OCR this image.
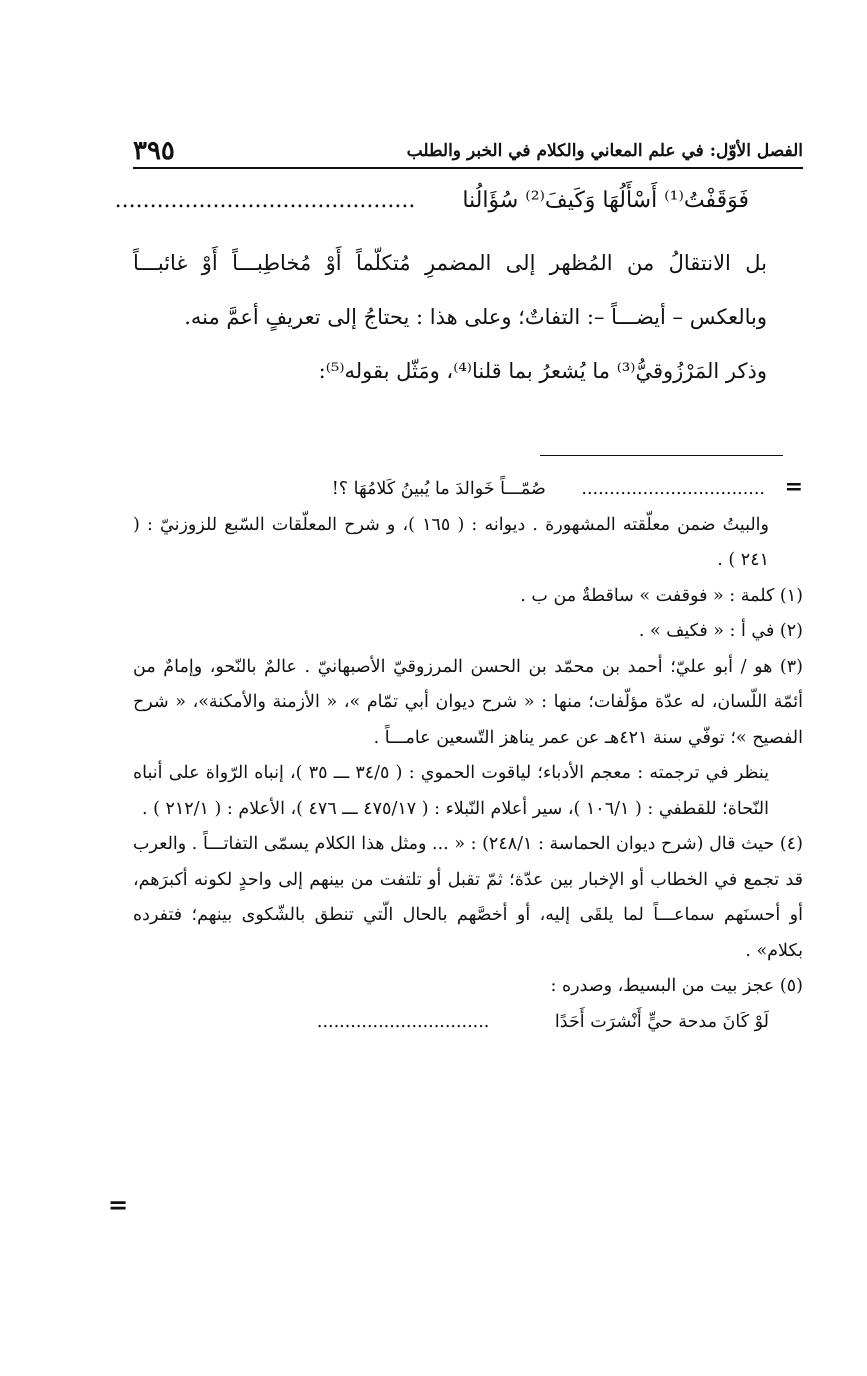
الفصل الأوّل: في علم المعاني والكلام في الخبر والطلب
٣٩٥
فَوَقَفْتُ⁽¹⁾ أَسْأَلُهَا وَكَيفَ⁽²⁾ سُؤَالُنا ...........................................

بل الانتقالُ من المُظهر إلى المضمرِ مُتكلّماً أَوْ مُخاطِبـــاً أَوْ غائبـــاً وبالعكس – أيضـــاً –: التفاتٌ؛ وعلى هذا : يحتاجُ إلى تعريفٍ أعمَّ منه.

وذكر المَرْزُوقيُّ⁽³⁾ ما يُشعرُ بما قلنا⁽⁴⁾، ومَثّل بقوله⁽⁵⁾:

= ................................. صُمّـــاً خَوالدَ ما يُبينُ كَلامُهَا ؟!

والبيتُ ضمن معلّقته المشهورة . ديوانه : ( ١٦٥ )، و شرح المعلّقات السّبع للزوزنيّ : ( ٢٤١ ) .

(١) كلمة : « فوقفت » ساقطةٌ من ب .

(٢) في أ : « فكيف » .

(٣) هو / أبو عليّ؛ أحمد بن محمّد بن الحسن المرزوقيّ الأصبهانيّ . عالمٌ بالنّحو، وإمامٌ من أئمّة اللّسان، له عدّة مؤلّفات؛ منها : « شرح ديوان أبي تمّام »، « الأزمنة والأمكنة»، « شرح الفصيح »؛ توفّي سنة ٤٢١هـ عن عمر يناهز التّسعين عامـــاً .

ينظر في ترجمته : معجم الأدباء؛ لياقوت الحموي : ( ٣٤/٥ ـــ ٣٥ )، إنباه الرّواة على أنباه النّحاة؛ للقطفي : ( ١٠٦/١ )، سير أعلام النّبلاء : ( ٤٧٥/١٧ ـــ ٤٧٦ )، الأعلام : ( ٢١٢/١ ) .

(٤) حيث قال (شرح ديوان الحماسة : ٢٤٨/١) : « ... ومثل هذا الكلام يسمّى التفاتـــاً . والعرب قد تجمع في الخطاب أو الإخبار بين عدّة؛ ثمّ تقبل أو تلتفت من بينهم إلى واحدٍ لكونه أكبرَهم، أو أحسنَهم سماعـــاً لما يلقَى إليه، أو أخصَّهم بالحال الّتي تنطق بالشّكوى بينهم؛ فتفرده بكلام» .

(٥) عجز بيت من البسيط، وصدره :

لَوْ كَانَ مدحة حيٍّ أَنْشرَت أَحَدًا ...............................

=
